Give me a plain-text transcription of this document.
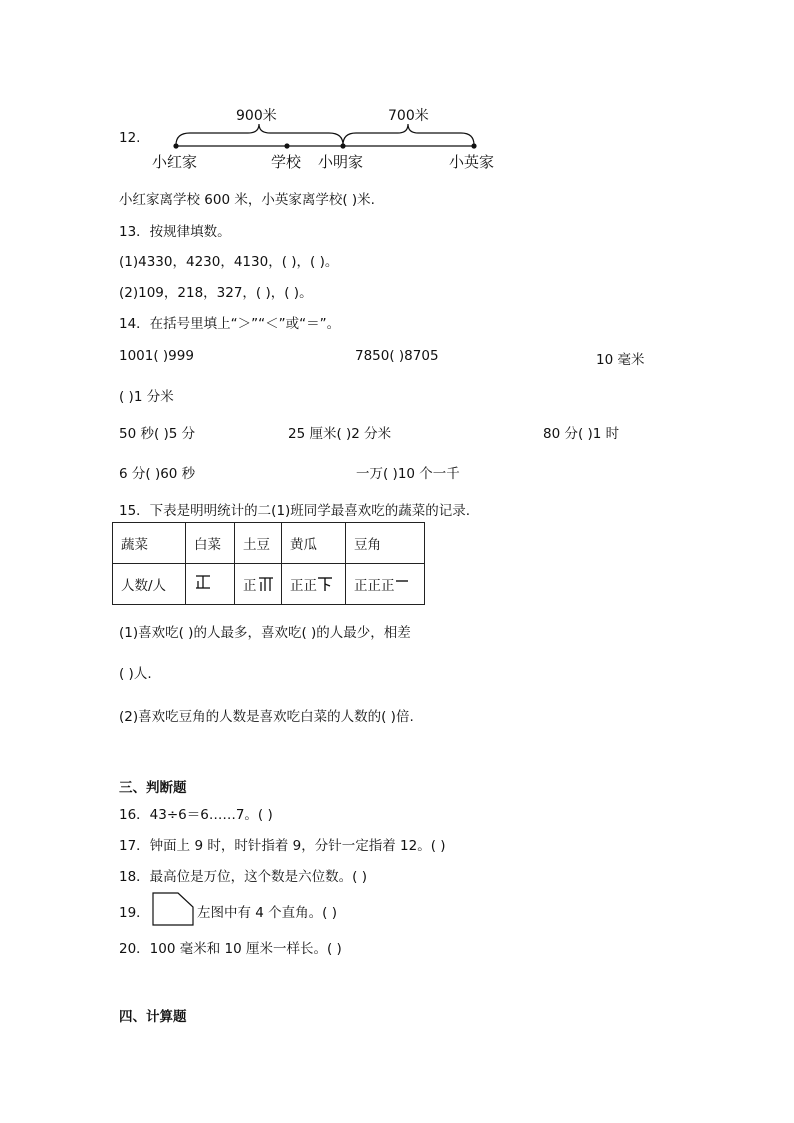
900米	700米
12.
小红家	学校 小明家	小英家
小红家离学校 600 米，小英家离学校( )米.
13．按规律填数。
(1)4330，4230，4130，( )，( )。
(2)109，218，327，( )，( )。
14．在括号里填上“＞”“＜”或“＝”。
1001( )999	7850( )8705	10 毫米
( )1 分米
50 秒( )5 分	25 厘米( )2 分米	80 分( )1 时
6 分( )60 秒	一万( )10 个一千
15．下表是明明统计的二(1)班同学最喜欢吃的蔬菜的记录.
蔬菜	白菜	土豆	黄瓜	豆角
人数/人		正	正正	正正正
(1)喜欢吃( )的人最多，喜欢吃( )的人最少，相差
( )人.
(2)喜欢吃豆角的人数是喜欢吃白菜的人数的( )倍.
三、判断题
16．43÷6＝6……7。( )
17．钟面上 9 时，时针指着 9，分针一定指着 12。( )
18．最高位是万位，这个数是六位数。( )
19．	左图中有 4 个直角。( )
20．100 毫米和 10 厘米一样长。( )
四、计算题
